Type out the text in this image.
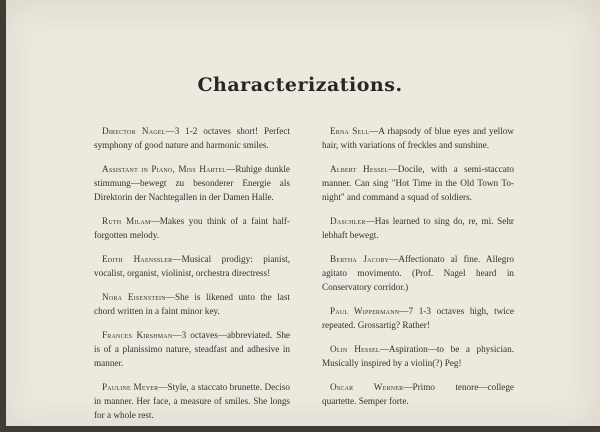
Characterizations.

Director Nagel—3 1-2 octaves short! Perfect symphony of good nature and harmonic smiles.

Assistant in Piano, Miss Hartel—Ruhige dunkle stimmung—bewegt zu besonderer Energie als Direktorin der Nachtegallen in der Damen Halle.

Ruth Milam—Makes you think of a faint half-forgotten melody.

Edith Haenssler—Musical prodigy: pianist, vocalist, organist, violinist, orchestra directress!

Nora Eisenstein—She is likened unto the last chord written in a faint minor key.

Frances Kirshman—3 octaves—abbreviated. She is of a planissimo nature, steadfast and adhesive in manner.

Pauline Meyer—Style, a staccato brunette. Deciso in manner. Her face, a measure of smiles. She longs for a whole rest.

Erna Sell—A rhapsody of blue eyes and yellow hair, with variations of freckles and sunshine.

Albert Hessel—Docile, with a semi-staccato manner. Can sing "Hot Time in the Old Town To-night" and command a squad of soldiers.

Daschler—Has learned to sing do, re, mi. Sehr lebhaft bewegt.

Bertha Jacoby—Affectionato al fine. Allegro agitato movimento. (Prof. Nagel heard in Conservatory corridor.)

Paul Wippermann—7 1-3 octaves high, twice repeated. Grossartig? Rather!

Olin Hessel—Aspiration—to be a physician. Musically inspired by a violin(?) Peg!

Oscar Werner—Primo tenore—college quartette. Semper forte.
